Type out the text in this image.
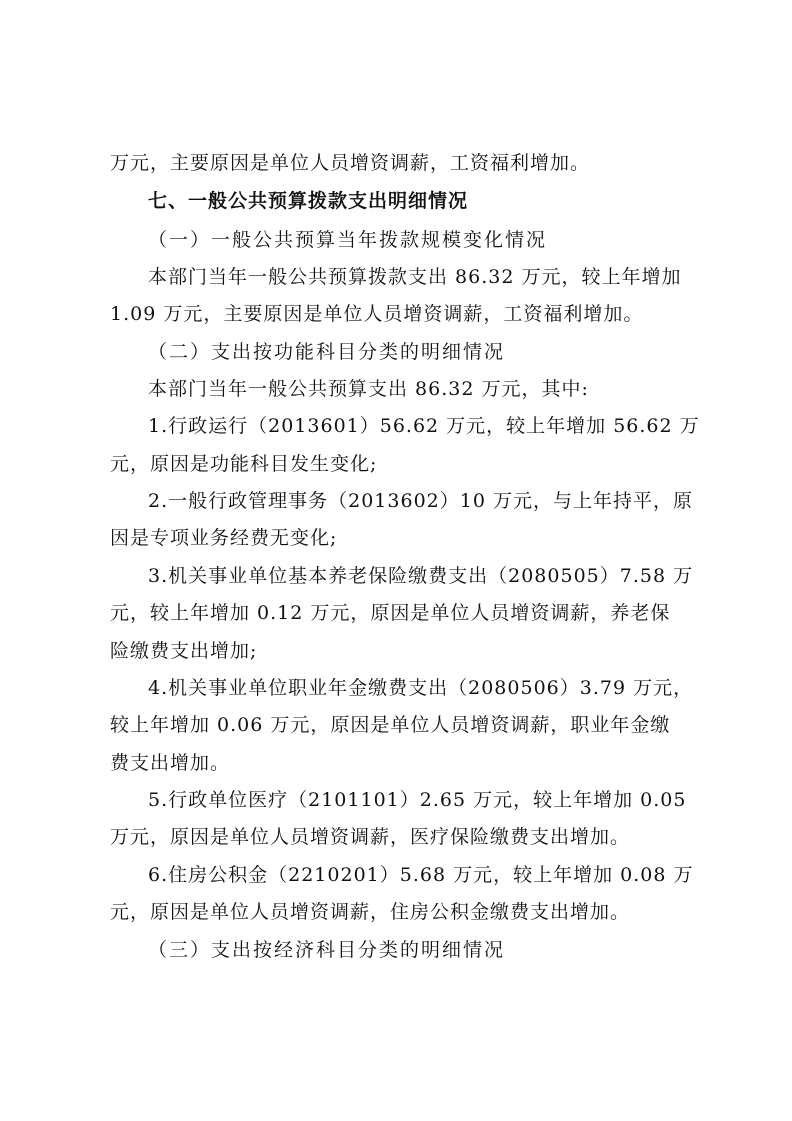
万元，主要原因是单位人员增资调薪，工资福利增加。
七、一般公共预算拨款支出明细情况
（一）一般公共预算当年拨款规模变化情况
本部门当年一般公共预算拨款支出 86.32 万元，较上年增加
1.09 万元，主要原因是单位人员增资调薪，工资福利增加。
（二）支出按功能科目分类的明细情况
本部门当年一般公共预算支出 86.32 万元，其中:
1.行政运行（2013601）56.62 万元，较上年增加 56.62 万
元，原因是功能科目发生变化;
2.一般行政管理事务（2013602）10 万元，与上年持平，原
因是专项业务经费无变化;
3.机关事业单位基本养老保险缴费支出（2080505）7.58 万
元，较上年增加 0.12 万元，原因是单位人员增资调薪，养老保
险缴费支出增加;
4.机关事业单位职业年金缴费支出（2080506）3.79 万元，
较上年增加 0.06 万元，原因是单位人员增资调薪，职业年金缴
费支出增加。
5.行政单位医疗（2101101）2.65 万元，较上年增加 0.05
万元，原因是单位人员增资调薪，医疗保险缴费支出增加。
6.住房公积金（2210201）5.68 万元，较上年增加 0.08 万
元，原因是单位人员增资调薪，住房公积金缴费支出增加。
（三）支出按经济科目分类的明细情况
